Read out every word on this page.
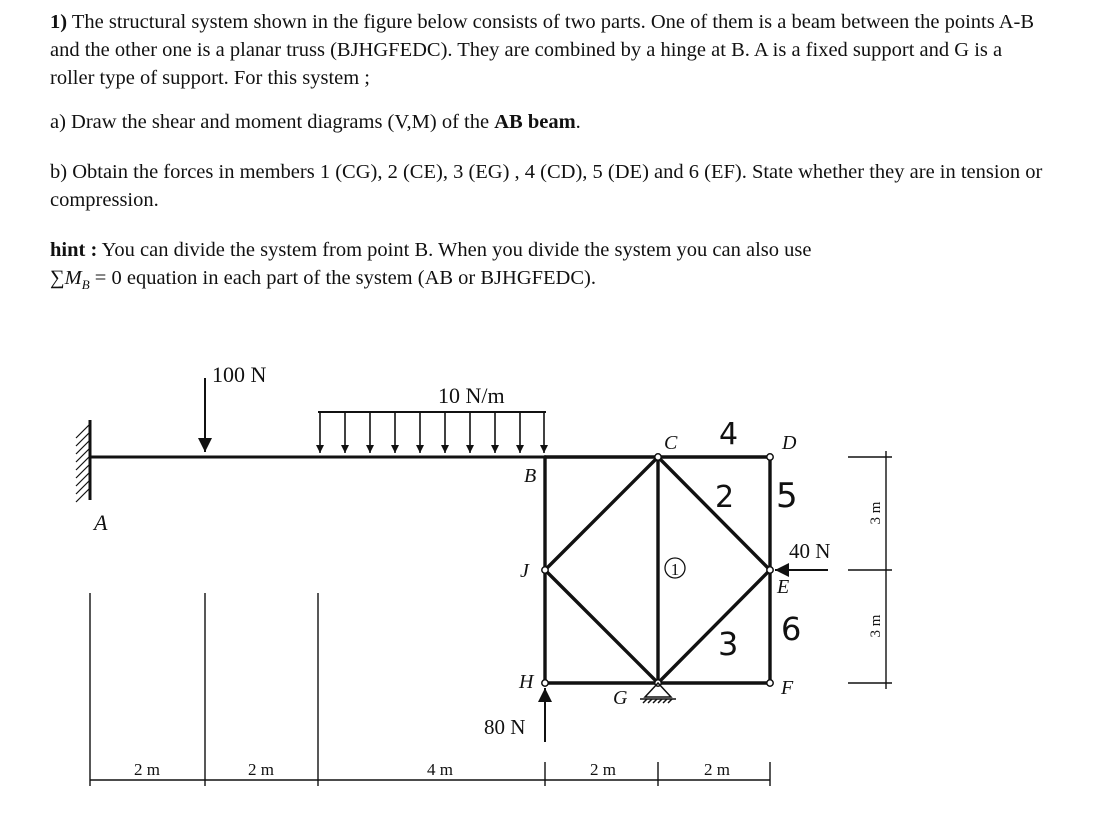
1) The structural system shown in the figure below consists of two parts. One of them is a beam between the points A-B and the other one is a planar truss (BJHGFEDC). They are combined by a hinge at B. A is a fixed support and G is a roller type of support. For this system ;

a) Draw the shear and moment diagrams (V,M) of the AB beam.

b) Obtain the forces in members 1 (CG), 2 (CE), 3 (EG) , 4 (CD), 5 (DE) and 6 (EF). State whether they are in tension or compression.

hint : You can divide the system from point B. When you divide the system you can also use
$\sum M_B = 0$ equation in each part of the system (AB or BJHGFEDC).

100 N
10 N/m
40 N
80 N
A
B
C	D
E
F
G
H
J	1
4
2 5
3 6
2 m	2 m	4 m	2 m	2 m
3 m
3 m
